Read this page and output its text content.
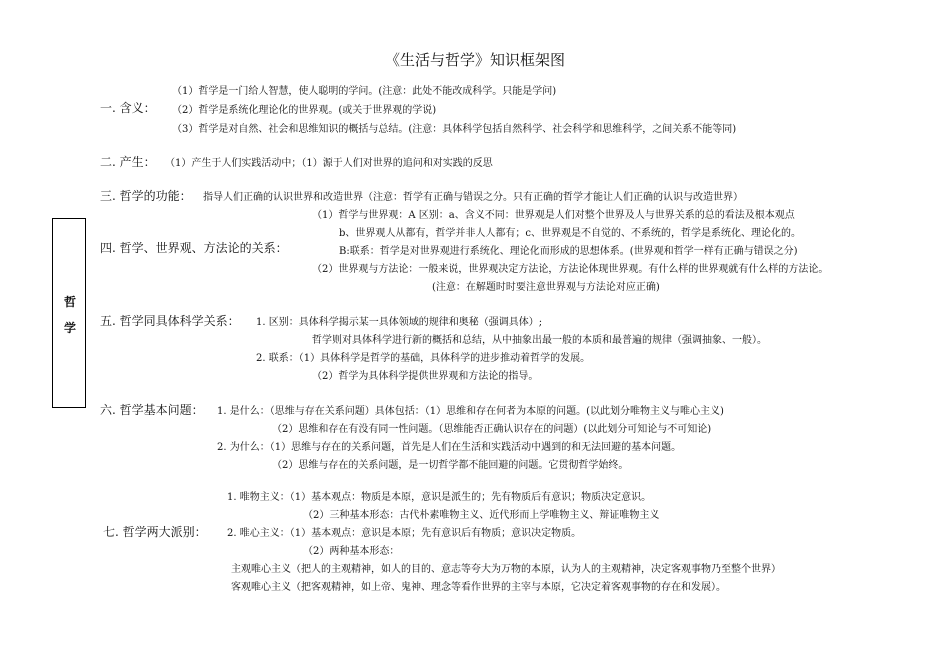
《生活与哲学》知识框架图
哲
学
（1）哲学是一门给人智慧，使人聪明的学问。(注意：此处不能改成科学。只能是学问)
一. 含义： （2）哲学是系统化理论化的世界观。(或关于世界观的学说)
（3）哲学是对自然、社会和思维知识的概括与总结。(注意：具体科学包括自然科学、社会科学和思维科学，之间关系不能等同)
二. 产生： （1）产生于人们实践活动中；（1）源于人们对世界的追问和对实践的反思
三. 哲学的功能： 指导人们正确的认识世界和改造世界（注意：哲学有正确与错误之分。只有正确的哲学才能让人们正确的认识与改造世界）
（1）哲学与世界观：A 区别：a、含义不同：世界观是人们对整个世界及人与世界关系的总的看法及根本观点
b、世界观人从都有，哲学并非人人都有；c、世界观是不自觉的、不系统的，哲学是系统化、理论化的。
四. 哲学、世界观、方法论的关系：	B:联系：哲学是对世界观进行系统化、理论化而形成的思想体系。(世界观和哲学一样有正确与错误之分)
（2）世界观与方法论：一般来说，世界观决定方法论，方法论体现世界观。有什么样的世界观就有什么样的方法论。
(注意：在解题时时要注意世界观与方法论对应正确)
五. 哲学同具体科学关系： 1. 区别：具体科学揭示某一具体领域的规律和奥秘（强调具体）;
哲学则对具体科学进行新的概括和总结，从中抽象出最一般的本质和最普遍的规律（强调抽象、一般）。
2. 联系：（1）具体科学是哲学的基础，具体科学的进步推动着哲学的发展。
（2）哲学为具体科学提供世界观和方法论的指导。
六. 哲学基本问题： 1. 是什么：（思维与存在关系问题）具体包括：（1）思维和存在何者为本原的问题。(以此划分唯物主义与唯心主义)
（2）思维和存在有没有同一性问题。（思维能否正确认识存在的问题）(以此划分可知论与不可知论)
2. 为什么：（1）思维与存在的关系问题，首先是人们在生活和实践活动中遇到的和无法回避的基本问题。
（2）思维与存在的关系问题，是一切哲学都不能回避的问题。它贯彻哲学始终。
1. 唯物主义：（1）基本观点：物质是本原，意识是派生的；先有物质后有意识；物质决定意识。
（2）三种基本形态：古代朴素唯物主义、近代形而上学唯物主义、辩证唯物主义
七. 哲学两大派别： 2. 唯心主义：（1）基本观点：意识是本原；先有意识后有物质；意识决定物质。
（2）两种基本形态：
主观唯心主义（把人的主观精神，如人的目的、意志等夸大为万物的本原，认为人的主观精神，决定客观事物乃至整个世界）
客观唯心主义（把客观精神，如上帝、鬼神、理念等看作世界的主宰与本原，它决定着客观事物的存在和发展）。
